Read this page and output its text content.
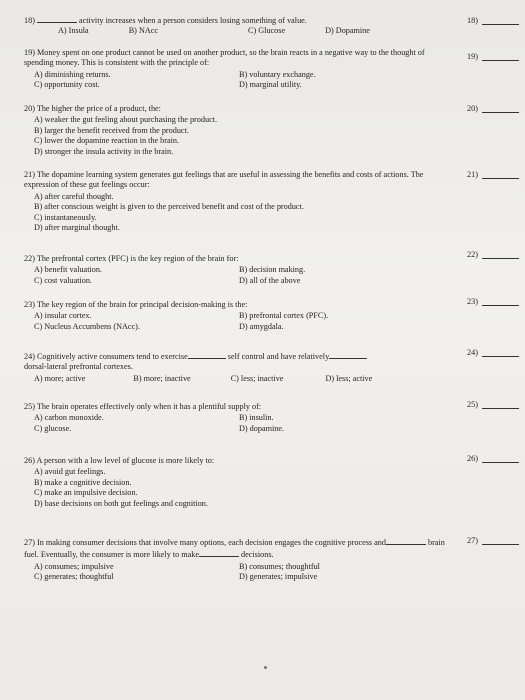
18)	activity increases when a person considers losing something of value.
A) Insula	B) NAcc	C) Glucose	D) Dopamine
18)
19) Money spent on one product cannot be used on another product, so the brain reacts in a negative way to the thought of spending money. This is consistent with the principle of:
A) diminishing returns.	B) voluntary exchange.
C) opportunity cost.	D) marginal utility.
19)
20) The higher the price of a product, the:
A) weaker the gut feeling about purchasing the product.
B) larger the benefit received from the product.
C) lower the dopamine reaction in the brain.
D) stronger the insula activity in the brain.
20)
21) The dopamine learning system generates gut feelings that are useful in assessing the benefits and costs of actions. The expression of these gut feelings occur:
A) after careful thought.
B) after conscious weight is given to the perceived benefit and cost of the product.
C) instantaneously.
D) after marginal thought.
21)
22) The prefrontal cortex (PFC) is the key region of the brain for:
A) benefit valuation.	B) decision making.
C) cost valuation.	D) all of the above
22)
23) The key region of the brain for principal decision-making is the:
A) insular cortex.	B) prefrontal cortex (PFC).
C) Nucleus Accumbens (NAcc).	D) amygdala.
23)
24) Cognitively active consumers tend to exercise	self control and have relatively
dorsal-lateral prefrontal cortexes.
A) more; active	B) more; inactive	C) less; inactive	D) less; active
24)
25) The brain operates effectively only when it has a plentiful supply of:
A) carbon monoxide.	B) insulin.
C) glucose.	D) dopamine.
25)
26) A person with a low level of glucose is more likely to:
A) avoid gut feelings.
B) make a cognitive decision.
C) make an impulsive decision.
D) base decisions on both gut feelings and cognition.
26)
27) In making consumer decisions that involve many options, each decision engages the cognitive process and	brain fuel. Eventually, the consumer is more likely to make	decisions.
A) consumes; impulsive	B) consumes; thoughtful
C) generates; thoughtful	D) generates; impulsive
27)
